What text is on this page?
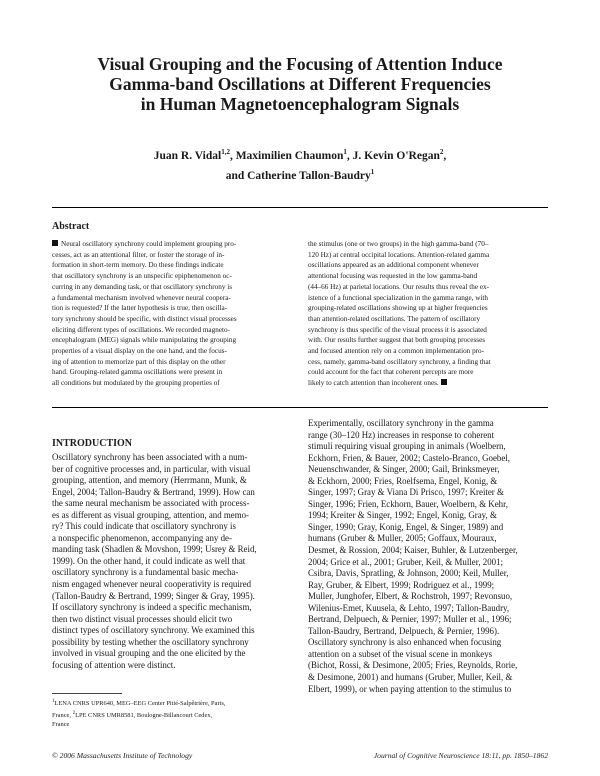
Visual Grouping and the Focusing of Attention Induce
Gamma-band Oscillations at Different Frequencies
in Human Magnetoencephalogram Signals
Juan R. Vidal$^{1,2}$, Maximilien Chaumon$^1$, J. Kevin O'Regan$^2$,
and Catherine Tallon-Baudry$^1$
Abstract
Neural oscillatory synchrony could implement grouping pro-
cesses, act as an attentional filter, or foster the storage of in-
formation in short-term memory. Do these findings indicate
that oscillatory synchrony is an unspecific epiphenomenon oc-
curring in any demanding task, or that oscillatory synchrony is
a fundamental mechanism involved whenever neural coopera-
tion is requested? If the latter hypothesis is true, then oscilla-
tory synchrony should be specific, with distinct visual processes
eliciting different types of oscillations. We recorded magneto-
encephalogram (MEG) signals while manipulating the grouping
properties of a visual display on the one hand, and the focus-
ing of attention to memorize part of this display on the other
hand. Grouping-related gamma oscillations were present in
all conditions but modulated by the grouping properties of
the stimulus (one or two groups) in the high gamma-band (70–
120 Hz) at central occipital locations. Attention-related gamma
oscillations appeared as an additional component whenever
attentional focusing was requested in the low gamma-band
(44–66 Hz) at parietal locations. Our results thus reveal the ex-
istence of a functional specialization in the gamma range, with
grouping-related oscillations showing up at higher frequencies
than attention-related oscillations. The pattern of oscillatory
synchrony is thus specific of the visual process it is associated
with. Our results further suggest that both grouping processes
and focused attention rely on a common implementation pro-
cess, namely, gamma-band oscillatory synchrony, a finding that
could account for the fact that coherent percepts are more
likely to catch attention than incoherent ones.
INTRODUCTION
Oscillatory synchrony has been associated with a num-
ber of cognitive processes and, in particular, with visual
grouping, attention, and memory (Herrmann, Munk, &
Engel, 2004; Tallon-Baudry & Bertrand, 1999). How can
the same neural mechanism be associated with process-
es as different as visual grouping, attention, and memo-
ry? This could indicate that oscillatory synchrony is
a nonspecific phenomenon, accompanying any de-
manding task (Shadlen & Movshon, 1999; Usrey & Reid,
1999). On the other hand, it could indicate as well that
oscillatory synchrony is a fundamental basic mecha-
nism engaged whenever neural cooperativity is required
(Tallon-Baudry & Bertrand, 1999; Singer & Gray, 1995).
If oscillatory synchrony is indeed a specific mechanism,
then two distinct visual processes should elicit two
distinct types of oscillatory synchrony. We examined this
possibility by testing whether the oscillatory synchrony
involved in visual grouping and the one elicited by the
focusing of attention were distinct.
Experimentally, oscillatory synchrony in the gamma
range (30–120 Hz) increases in response to coherent
stimuli requiring visual grouping in animals (Woelbern,
Eckhorn, Frien, & Bauer, 2002; Castelo-Branco, Goebel,
Neuenschwander, & Singer, 2000; Gail, Brinksmeyer,
& Eckhorn, 2000; Fries, Roelfsema, Engel, Konig, &
Singer, 1997; Gray & Viana Di Prisco, 1997; Kreiter &
Singer, 1996; Frien, Eckhorn, Bauer, Woelbern, & Kehr,
1994; Kreiter & Singer, 1992; Engel, Konig, Gray, &
Singer, 1990; Gray, Konig, Engel, & Singer, 1989) and
humans (Gruber & Muller, 2005; Goffaux, Mouraux,
Desmet, & Rossion, 2004; Kaiser, Buhler, & Lutzenberger,
2004; Grice et al., 2001; Gruber, Keil, & Muller, 2001;
Csibra, Davis, Spratling, & Johnson, 2000; Keil, Muller,
Ray, Gruber, & Elbert, 1999; Rodriguez et al., 1999;
Muller, Junghofer, Elbert, & Rochstroh, 1997; Revonsuo,
Wilenius-Emet, Kuusela, & Lehto, 1997; Tallon-Baudry,
Bertrand, Delpuech, & Pernier, 1997; Muller et al., 1996;
Tallon-Baudry, Bertrand, Delpuech, & Pernier, 1996).
Oscillatory synchrony is also enhanced when focusing
attention on a subset of the visual scene in monkeys
(Bichot, Rossi, & Desimone, 2005; Fries, Reynolds, Rorie,
& Desimone, 2001) and humans (Gruber, Muller, Keil, &
Elbert, 1999), or when paying attention to the stimulus to
$^1$LENA CNRS UPR640, MEG–EEG Center Pitié-Salpêtrière, Paris,
France, $^2$LPE CNRS UMR8581, Boulogne-Billancourt Cedex,
France
© 2006 Massachusetts Institute of Technology	Journal of Cognitive Neuroscience 18:11, pp. 1850–1862
